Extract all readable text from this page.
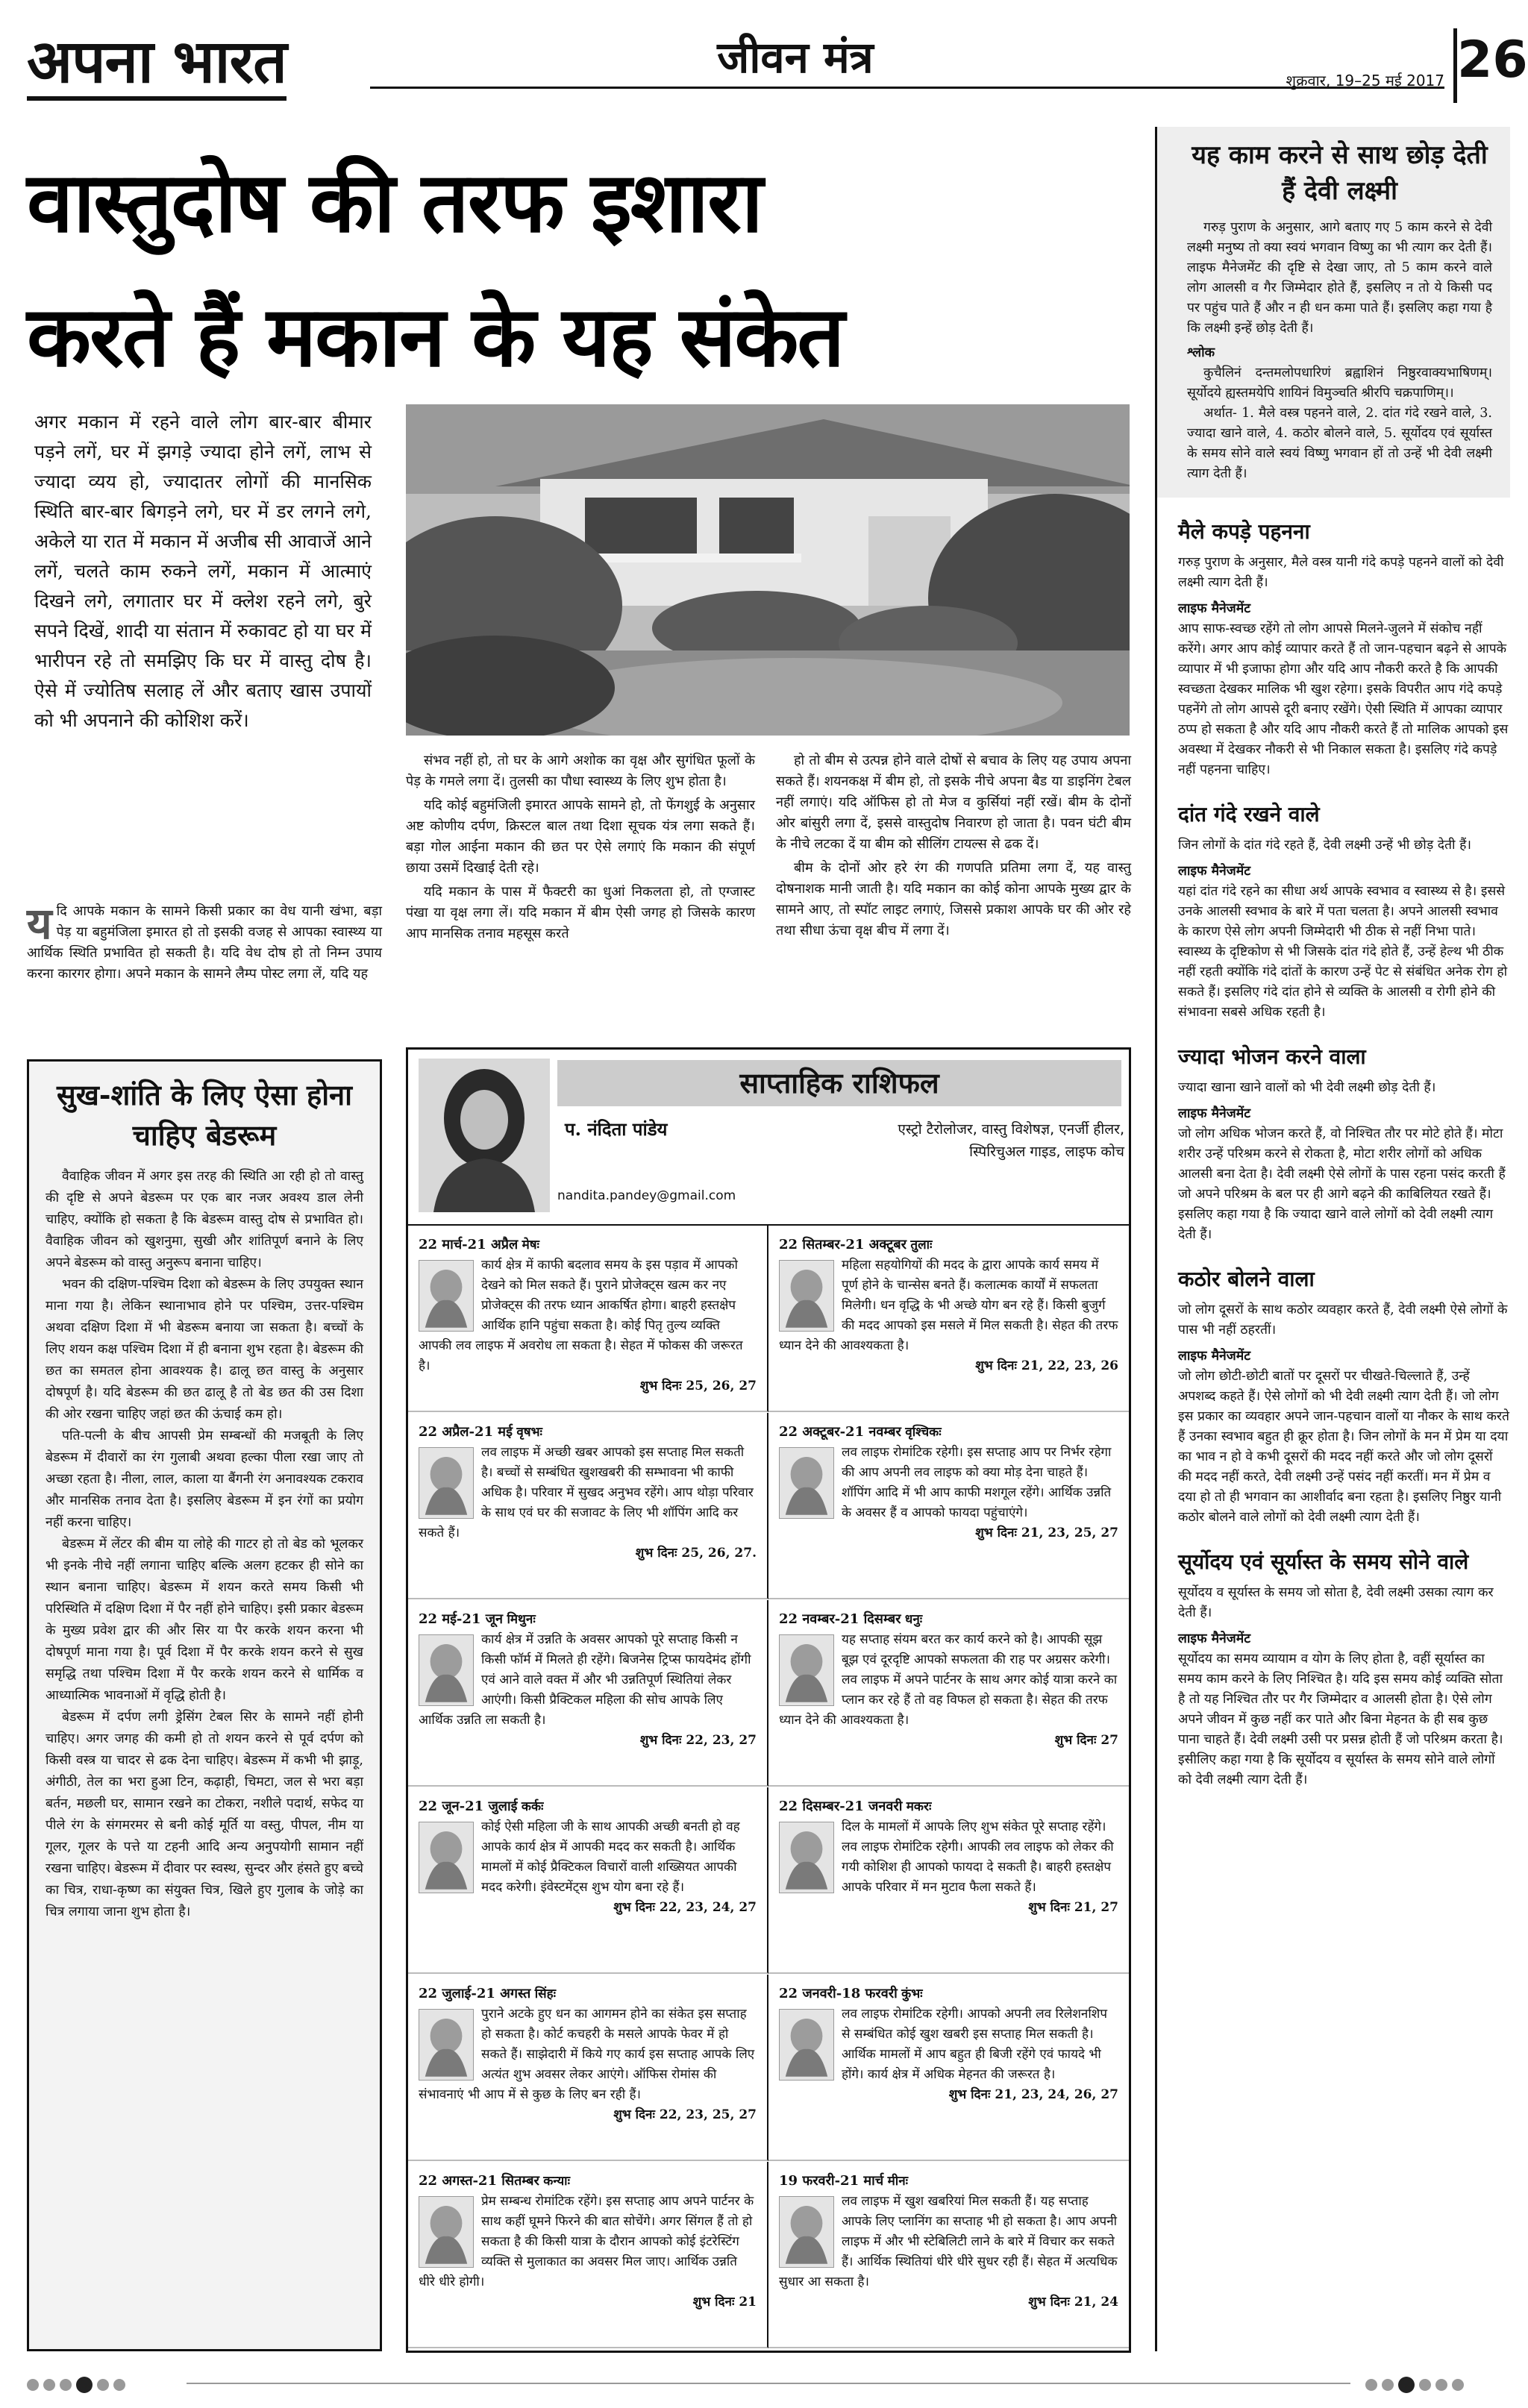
अपना भारत	जीवन मंत्र	शुक्रवार, 19–25 मई 2017 26
वास्तुदोष की तरफ इशारा
करते हैं मकान के यह संकेत
अगर मकान में रहने वाले लोग बार-बार बीमार पड़ने लगें, घर में झगड़े ज्यादा होने लगें, लाभ से ज्यादा व्यय हो, ज्यादातर लोगों की मानसिक स्थिति बार-बार बिगड़ने लगे, घर में डर लगने लगे, अकेले या रात में मकान में अजीब सी आवाजें आने लगें, चलते काम रुकने लगें, मकान में आत्माएं दिखने लगे, लगातार घर में क्लेश रहने लगे, बुरे सपने दिखें, शादी या संतान में रुकावट हो या घर में भारीपन रहे तो समझिए कि घर में वास्तु दोष है। ऐसे में ज्योतिष सलाह लें और बताए खास उपायों को भी अपनाने की कोशिश करें।
य दि आपके मकान के सामने किसी प्रकार का वेध यानी खंभा, बड़ा पेड़ या बहुमंजिला इमारत हो तो इसकी वजह से आपका स्वास्थ्य या आर्थिक स्थिति प्रभावित हो सकती है। यदि वेध दोष हो तो निम्न उपाय करना कारगर होगा। अपने मकान के सामने लैम्प पोस्ट लगा लें, यदि यह

संभव नहीं हो, तो घर के आगे अशोक का वृक्ष और सुगंधित फूलों के पेड़ के गमले लगा दें। तुलसी का पौधा स्वास्थ्य के लिए शुभ होता है।

यदि कोई बहुमंजिली इमारत आपके सामने हो, तो फेंगशुई के अनुसार अष्ट कोणीय दर्पण, क्रिस्टल बाल तथा दिशा सूचक यंत्र लगा सकते हैं। बड़ा गोल आईना मकान की छत पर ऐसे लगाएं कि मकान की संपूर्ण छाया उसमें दिखाई देती रहे।

यदि मकान के पास में फैक्टरी का धुआं निकलता हो, तो एग्जास्ट पंखा या वृक्ष लगा लें। यदि मकान में बीम ऐसी जगह हो जिसके कारण आप मानसिक तनाव महसूस करते

हो तो बीम से उत्पन्न होने वाले दोषों से बचाव के लिए यह उपाय अपना सकते हैं। शयनकक्ष में बीम हो, तो इसके नीचे अपना बैड या डाइनिंग टेबल नहीं लगाएं। यदि ऑफिस हो तो मेज व कुर्सियां नहीं रखें। बीम के दोनों ओर बांसुरी लगा दें, इससे वास्तुदोष निवारण हो जाता है। पवन घंटी बीम के नीचे लटका दें या बीम को सीलिंग टायल्स से ढक दें।

बीम के दोनों ओर हरे रंग की गणपति प्रतिमा लगा दें, यह वास्तु दोषनाशक मानी जाती है। यदि मकान का कोई कोना आपके मुख्य द्वार के सामने आए, तो स्पॉट लाइट लगाएं, जिससे प्रकाश आपके घर की ओर रहे तथा सीधा ऊंचा वृक्ष बीच में लगा दें।

सुख-शांति के लिए ऐसा होना चाहिए बेडरूम

वैवाहिक जीवन में अगर इस तरह की स्थिति आ रही हो तो वास्तु की दृष्टि से अपने बेडरूम पर एक बार नजर अवश्य डाल लेनी चाहिए, क्योंकि हो सकता है कि बेडरूम वास्तु दोष से प्रभावित हो। वैवाहिक जीवन को खुशनुमा, सुखी और शांतिपूर्ण बनाने के लिए अपने बेडरूम को वास्तु अनुरूप बनाना चाहिए।

भवन की दक्षिण-पश्चिम दिशा को बेडरूम के लिए उपयुक्त स्थान माना गया है। लेकिन स्थानाभाव होने पर पश्चिम, उत्तर-पश्चिम अथवा दक्षिण दिशा में भी बेडरूम बनाया जा सकता है। बच्चों के लिए शयन कक्ष पश्चिम दिशा में ही बनाना शुभ रहता है। बेडरूम की छत का समतल होना आवश्यक है। ढालू छत वास्तु के अनुसार दोषपूर्ण है। यदि बेडरूम की छत ढालू है तो बेड छत की उस दिशा की ओर रखना चाहिए जहां छत की ऊंचाई कम हो।

पति-पत्नी के बीच आपसी प्रेम सम्बन्धों की मजबूती के लिए बेडरूम में दीवारों का रंग गुलाबी अथवा हल्का पीला रखा जाए तो अच्छा रहता है। नीला, लाल, काला या बैंगनी रंग अनावश्यक टकराव और मानसिक तनाव देता है। इसलिए बेडरूम में इन रंगों का प्रयोग नहीं करना चाहिए।

बेडरूम में लेंटर की बीम या लोहे की गाटर हो तो बेड को भूलकर भी इनके नीचे नहीं लगाना चाहिए बल्कि अलग हटकर ही सोने का स्थान बनाना चाहिए। बेडरूम में शयन करते समय किसी भी परिस्थिति में दक्षिण दिशा में पैर नहीं होने चाहिए। इसी प्रकार बेडरूम के मुख्य प्रवेश द्वार की और सिर या पैर करके शयन करना भी दोषपूर्ण माना गया है। पूर्व दिशा में पैर करके शयन करने से सुख समृद्धि तथा पश्चिम दिशा में पैर करके शयन करने से धार्मिक व आध्यात्मिक भावनाओं में वृद्धि होती है।

बेडरूम में दर्पण लगी ड्रेसिंग टेबल सिर के सामने नहीं होनी चाहिए। अगर जगह की कमी हो तो शयन करने से पूर्व दर्पण को किसी वस्त्र या चादर से ढक देना चाहिए। बेडरूम में कभी भी झाड़ू, अंगीठी, तेल का भरा हुआ टिन, कढ़ाही, चिमटा, जल से भरा बड़ा बर्तन, मछली घर, सामान रखने का टोकरा, नशीले पदार्थ, सफेद या पीले रंग के संगमरमर से बनी कोई मूर्ति या वस्तु, पीपल, नीम या गूलर, गूलर के पत्ते या टहनी आदि अन्य अनुपयोगी सामान नहीं रखना चाहिए। बेडरूम में दीवार पर स्वस्थ, सुन्दर और हंसते हुए बच्चे का चित्र, राधा-कृष्ण का संयुक्त चित्र, खिले हुए गुलाब के जोड़े का चित्र लगाया जाना शुभ होता है।

यह काम करने से साथ छोड़ देती हैं देवी लक्ष्मी

गरुड़ पुराण के अनुसार, आगे बताए गए 5 काम करने से देवी लक्ष्मी मनुष्य तो क्या स्वयं भगवान विष्णु का भी त्याग कर देती हैं। लाइफ मैनेजमेंट की दृष्टि से देखा जाए, तो 5 काम करने वाले लोग आलसी व गैर जिम्मेदार होते हैं, इसलिए न तो ये किसी पद पर पहुंच पाते हैं और न ही धन कमा पाते हैं। इसलिए कहा गया है कि लक्ष्मी इन्हें छोड़ देती हैं।

श्लोक

कुचैलिनं दन्तमलोपधारिणं ब्रह्वाशिनं निष्ठुरवाक्यभाषिणम्। सूर्योदये ह्यस्तमयेपि शायिनं विमुञ्चति श्रीरपि चक्रपाणिम्।।

अर्थात- 1. मैले वस्त्र पहनने वाले, 2. दांत गंदे रखने वाले, 3. ज्यादा खाने वाले, 4. कठोर बोलने वाले, 5. सूर्योदय एवं सूर्यास्त के समय सोने वाले स्वयं विष्णु भगवान हों तो उन्हें भी देवी लक्ष्मी त्याग देती हैं।

मैले कपड़े पहनना

गरुड़ पुराण के अनुसार, मैले वस्त्र यानी गंदे कपड़े पहनने वालों को देवी लक्ष्मी त्याग देती हैं।

लाइफ मैनेजमेंट

आप साफ-स्वच्छ रहेंगे तो लोग आपसे मिलने-जुलने में संकोच नहीं करेंगे। अगर आप कोई व्यापार करते हैं तो जान-पहचान बढ़ने से आपके व्यापार में भी इजाफा होगा और यदि आप नौकरी करते है कि आपकी स्वच्छता देखकर मालिक भी खुश रहेगा। इसके विपरीत आप गंदे कपड़े पहनेंगे तो लोग आपसे दूरी बनाए रखेंगे। ऐसी स्थिति में आपका व्यापार ठप्प हो सकता है और यदि आप नौकरी करते हैं तो मालिक आपको इस अवस्था में देखकर नौकरी से भी निकाल सकता है। इसलिए गंदे कपड़े नहीं पहनना चाहिए।

दांत गंदे रखने वाले

जिन लोगों के दांत गंदे रहते हैं, देवी लक्ष्मी उन्हें भी छोड़ देती हैं।

लाइफ मैनेजमेंट

यहां दांत गंदे रहने का सीधा अर्थ आपके स्वभाव व स्वास्थ्य से है। इससे उनके आलसी स्वभाव के बारे में पता चलता है। अपने आलसी स्वभाव के कारण ऐसे लोग अपनी जिम्मेदारी भी ठीक से नहीं निभा पाते। स्वास्थ्य के दृष्टिकोण से भी जिसके दांत गंदे होते हैं, उन्हें हेल्थ भी ठीक नहीं रहती क्योंकि गंदे दांतों के कारण उन्हें पेट से संबंधित अनेक रोग हो सकते हैं। इसलिए गंदे दांत होने से व्यक्ति के आलसी व रोगी होने की संभावना सबसे अधिक रहती है।

ज्यादा भोजन करने वाला

ज्यादा खाना खाने वालों को भी देवी लक्ष्मी छोड़ देती हैं।

लाइफ मैनेजमेंट

जो लोग अधिक भोजन करते हैं, वो निश्चित तौर पर मोटे होते हैं। मोटा शरीर उन्हें परिश्रम करने से रोकता है, मोटा शरीर लोगों को अधिक आलसी बना देता है। देवी लक्ष्मी ऐसे लोगों के पास रहना पसंद करती हैं जो अपने परिश्रम के बल पर ही आगे बढ़ने की काबिलियत रखते हैं। इसलिए कहा गया है कि ज्यादा खाने वाले लोगों को देवी लक्ष्मी त्याग देती हैं।

कठोर बोलने वाला

जो लोग दूसरों के साथ कठोर व्यवहार करते हैं, देवी लक्ष्मी ऐसे लोगों के पास भी नहीं ठहरतीं।

लाइफ मैनेजमेंट

जो लोग छोटी-छोटी बातों पर दूसरों पर चीखते-चिल्लाते हैं, उन्हें अपशब्द कहते हैं। ऐसे लोगों को भी देवी लक्ष्मी त्याग देती हैं। जो लोग इस प्रकार का व्यवहार अपने जान-पहचान वालों या नौकर के साथ करते हैं उनका स्वभाव बहुत ही क्रूर होता है। जिन लोगों के मन में प्रेम या दया का भाव न हो वे कभी दूसरों की मदद नहीं करते और जो लोग दूसरों की मदद नहीं करते, देवी लक्ष्मी उन्हें पसंद नहीं करतीं। मन में प्रेम व दया हो तो ही भगवान का आशीर्वाद बना रहता है। इसलिए निष्ठुर यानी कठोर बोलने वाले लोगों को देवी लक्ष्मी त्याग देती हैं।

सूर्योदय एवं सूर्यास्त के समय सोने वाले

सूर्योदय व सूर्यास्त के समय जो सोता है, देवी लक्ष्मी उसका त्याग कर देती हैं।

लाइफ मैनेजमेंट

सूर्योदय का समय व्यायाम व योग के लिए होता है, वहीं सूर्यास्त का समय काम करने के लिए निश्चित है। यदि इस समय कोई व्यक्ति सोता है तो यह निश्चित तौर पर गैर जिम्मेदार व आलसी होता है। ऐसे लोग अपने जीवन में कुछ नहीं कर पाते और बिना मेहनत के ही सब कुछ पाना चाहते हैं। देवी लक्ष्मी उसी पर प्रसन्न होती हैं जो परिश्रम करता है। इसीलिए कहा गया है कि सूर्योदय व सूर्यास्त के समय सोने वाले लोगों को देवी लक्ष्मी त्याग देती हैं।

साप्ताहिक राशिफल
प. नंदिता पांडेय	एस्ट्रो टैरोलोजर, वास्तु विशेषज्ञ, एनर्जी हीलर, स्पिरिचुअल गाइड, लाइफ कोच
nandita.pandey@gmail.com
22 मार्च-21 अप्रैल मेषः
कार्य क्षेत्र में काफी बदलाव समय के इस पड़ाव में आपको देखने को मिल सकते हैं। पुराने प्रोजेक्ट्स खत्म कर नए प्रोजेक्ट्स की तरफ ध्यान आकर्षित होगा। बाहरी हस्तक्षेप आर्थिक हानि पहुंचा सकता है। कोई पितृ तुल्य व्यक्ति आपकी लव लाइफ में अवरोध ला सकता है। सेहत में फोकस की जरूरत है।
शुभ दिनः 25, 26, 27
22 सितम्बर-21 अक्टूबर तुलाः
महिला सहयोगियों की मदद के द्वारा आपके कार्य समय में पूर्ण होने के चान्सेस बनते हैं। कलात्मक कार्यों में सफलता मिलेगी। धन वृद्धि के भी अच्छे योग बन रहे हैं। किसी बुजुर्ग की मदद आपको इस मसले में मिल सकती है। सेहत की तरफ ध्यान देने की आवश्यकता है।
शुभ दिनः 21, 22, 23, 26
22 अप्रैल-21 मई वृषभः
लव लाइफ में अच्छी खबर आपको इस सप्ताह मिल सकती है। बच्चों से सम्बंधित खुशखबरी की सम्भावना भी काफी अधिक है। परिवार में सुखद अनुभव रहेंगे। आप थोड़ा परिवार के साथ एवं घर की सजावट के लिए भी शॉपिंग आदि कर सकते हैं।
शुभ दिनः 25, 26, 27.
22 अक्टूबर-21 नवम्बर वृश्चिकः
लव लाइफ रोमांटिक रहेगी। इस सप्ताह आप पर निर्भर रहेगा की आप अपनी लव लाइफ को क्या मोड़ देना चाहते हैं। शॉपिंग आदि में भी आप काफी मशगूल रहेंगे। आर्थिक उन्नति के अवसर हैं व आपको फायदा पहुंचाएंगे।
शुभ दिनः 21, 23, 25, 27
22 मई-21 जून मिथुनः
कार्य क्षेत्र में उन्नति के अवसर आपको पूरे सप्ताह किसी न किसी फॉर्म में मिलते ही रहेंगे। बिजनेस ट्रिप्स फायदेमंद होंगी एवं आने वाले वक्त में और भी उन्नतिपूर्ण स्थितियां लेकर आएंगी। किसी प्रैक्टिकल महिला की सोच आपके लिए आर्थिक उन्नति ला सकती है।
शुभ दिनः 22, 23, 27
22 नवम्बर-21 दिसम्बर धनुः
यह सप्ताह संयम बरत कर कार्य करने को है। आपकी सूझ बूझ एवं दूरदृष्टि आपको सफलता की राह पर अग्रसर करेगी। लव लाइफ में अपने पार्टनर के साथ अगर कोई यात्रा करने का प्लान कर रहे हैं तो वह विफल हो सकता है। सेहत की तरफ ध्यान देने की आवश्यकता है।
शुभ दिनः 27
22 जून-21 जुलाई कर्कः
कोई ऐसी महिला जी के साथ आपकी अच्छी बनती हो वह आपके कार्य क्षेत्र में आपकी मदद कर सकती है। आर्थिक मामलों में कोई प्रैक्टिकल विचारों वाली शख्सियत आपकी मदद करेगी। इंवेस्टमेंट्स शुभ योग बना रहे हैं।
शुभ दिनः 22, 23, 24, 27
22 दिसम्बर-21 जनवरी मकरः
दिल के मामलों में आपके लिए शुभ संकेत पूरे सप्ताह रहेंगे। लव लाइफ रोमांटिक रहेगी। आपकी लव लाइफ को लेकर की गयी कोशिश ही आपको फायदा दे सकती है। बाहरी हस्तक्षेप आपके परिवार में मन मुटाव फैला सकते हैं।
शुभ दिनः 21, 27
22 जुलाई-21 अगस्त सिंहः
पुराने अटके हुए धन का आगमन होने का संकेत इस सप्ताह हो सकता है। कोर्ट कचहरी के मसले आपके फेवर में हो सकते हैं। साझेदारी में किये गए कार्य इस सप्ताह आपके लिए अत्यंत शुभ अवसर लेकर आएंगे। ऑफिस रोमांस की संभावनाएं भी आप में से कुछ के लिए बन रही हैं।
शुभ दिनः 22, 23, 25, 27
22 जनवरी-18 फरवरी कुंभः
लव लाइफ रोमांटिक रहेगी। आपको अपनी लव रिलेशनशिप से सम्बंधित कोई खुश खबरी इस सप्ताह मिल सकती है। आर्थिक मामलों में आप बहुत ही बिजी रहेंगे एवं फायदे भी होंगे। कार्य क्षेत्र में अधिक मेहनत की जरूरत है।
शुभ दिनः 21, 23, 24, 26, 27
22 अगस्त-21 सितम्बर कन्याः
प्रेम सम्बन्ध रोमांटिक रहेंगे। इस सप्ताह आप अपने पार्टनर के साथ कहीं घूमने फिरने की बात सोचेंगे। अगर सिंगल हैं तो हो सकता है की किसी यात्रा के दौरान आपको कोई इंटरेस्टिंग व्यक्ति से मुलाकात का अवसर मिल जाए। आर्थिक उन्नति धीरे धीरे होगी।
शुभ दिनः 21
19 फरवरी-21 मार्च मीनः
लव लाइफ में खुश खबरियां मिल सकती हैं। यह सप्ताह आपके लिए प्लानिंग का सप्ताह भी हो सकता है। आप अपनी लाइफ में और भी स्टेबिलिटी लाने के बारे में विचार कर सकते हैं। आर्थिक स्थितियां धीरे धीरे सुधर रही हैं। सेहत में अत्यधिक सुधार आ सकता है।
शुभ दिनः 21, 24
